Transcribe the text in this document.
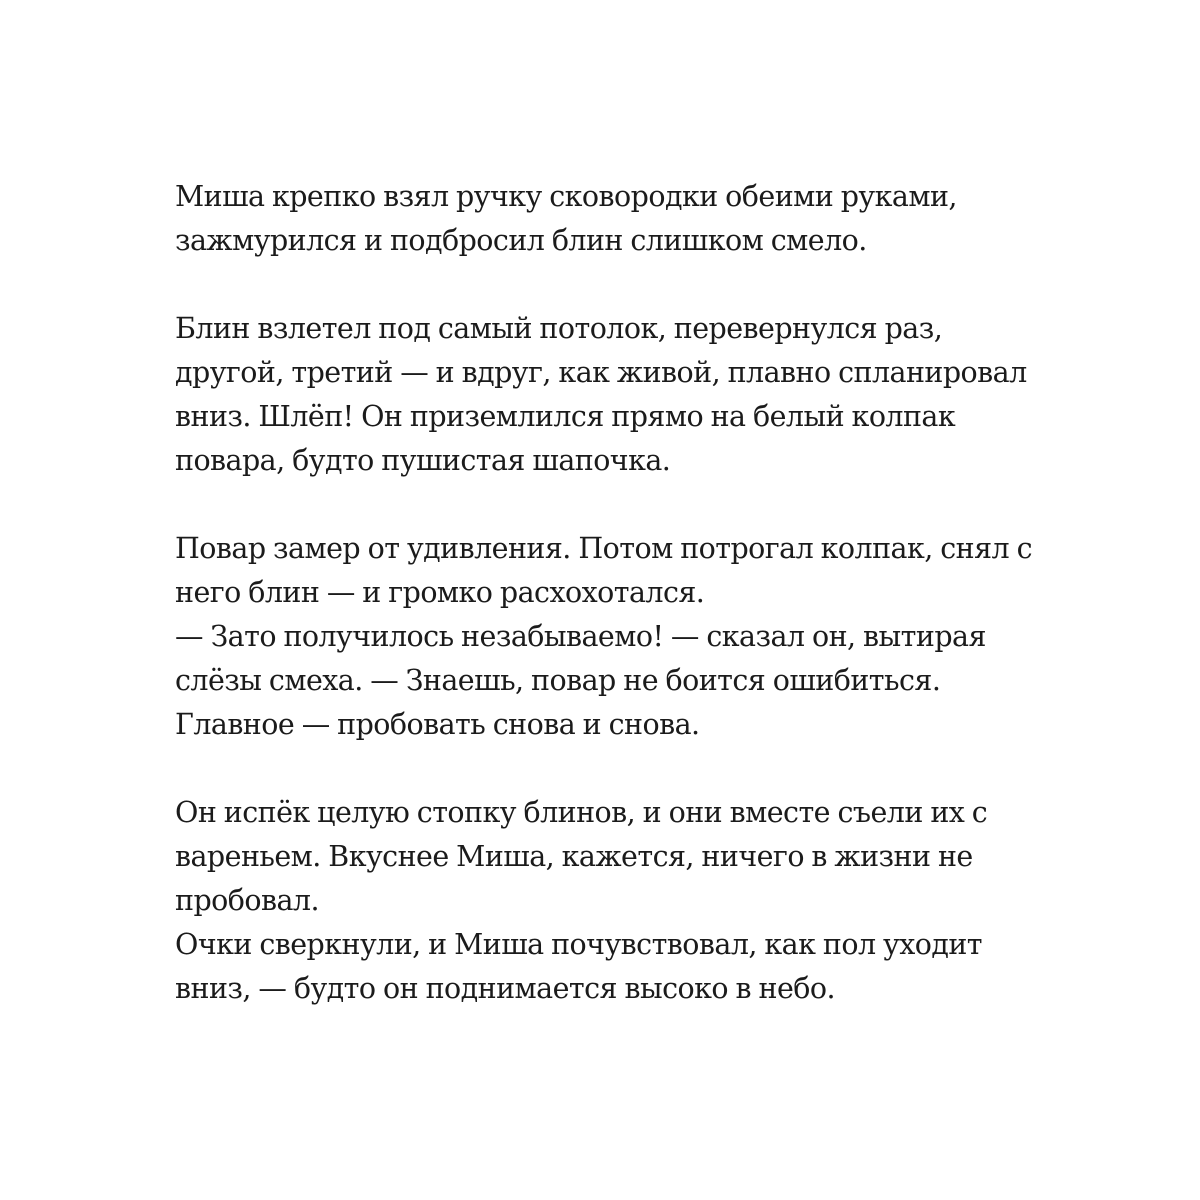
Миша крепко взял ручку сковородки обеими руками,
зажмурился и подбросил блин слишком смело.
Блин взлетел под самый потолок, перевернулся раз,
другой, третий — и вдруг, как живой, плавно спланировал
вниз. Шлёп! Он приземлился прямо на белый колпак
повара, будто пушистая шапочка.
Повар замер от удивления. Потом потрогал колпак, снял с
него блин — и громко расхохотался.
— Зато получилось незабываемо! — сказал он, вытирая
слёзы смеха. — Знаешь, повар не боится ошибиться.
Главное — пробовать снова и снова.
Он испёк целую стопку блинов, и они вместе съели их с
вареньем. Вкуснее Миша, кажется, ничего в жизни не
пробовал.
Очки сверкнули, и Миша почувствовал, как пол уходит
вниз, — будто он поднимается высоко в небо.
